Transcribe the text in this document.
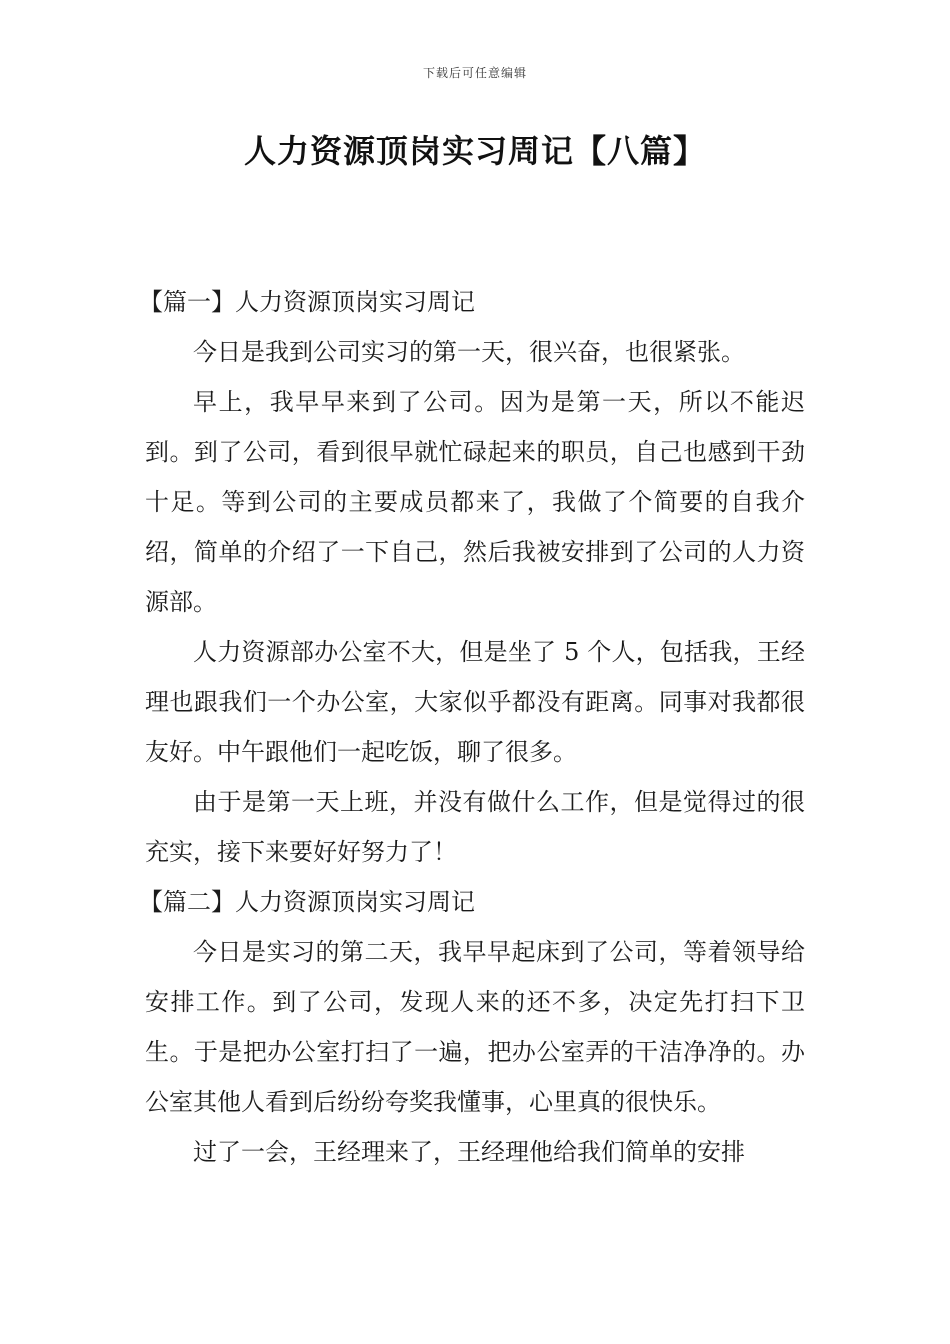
下载后可任意编辑
人力资源顶岗实习周记【八篇】

【篇一】人力资源顶岗实习周记

今日是我到公司实习的第一天，很兴奋，也很紧张。

早上，我早早来到了公司。因为是第一天，所以不能迟到。到了公司，看到很早就忙碌起来的职员，自己也感到干劲十足。等到公司的主要成员都来了，我做了个简要的自我介绍，简单的介绍了一下自己，然后我被安排到了公司的人力资源部。

人力资源部办公室不大，但是坐了 5 个人，包括我，王经理也跟我们一个办公室，大家似乎都没有距离。同事对我都很友好。中午跟他们一起吃饭，聊了很多。

由于是第一天上班，并没有做什么工作，但是觉得过的很充实，接下来要好好努力了！

【篇二】人力资源顶岗实习周记

今日是实习的第二天，我早早起床到了公司，等着领导给安排工作。到了公司，发现人来的还不多，决定先打扫下卫生。于是把办公室打扫了一遍，把办公室弄的干洁净净的。办公室其他人看到后纷纷夸奖我懂事，心里真的很快乐。

过了一会，王经理来了，王经理他给我们简单的安排
